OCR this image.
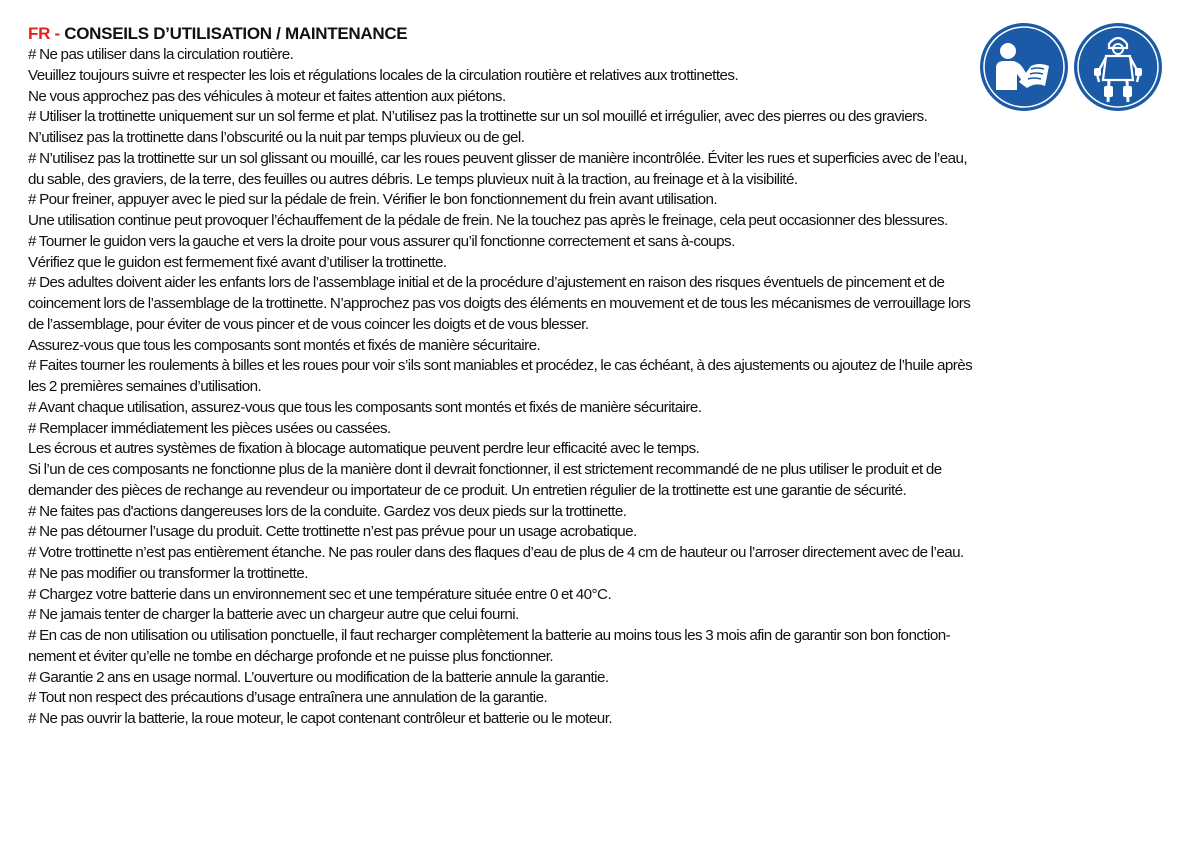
FR - CONSEILS D’UTILISATION / MAINTENANCE
# Ne pas utiliser dans la circulation routière.
Veuillez toujours suivre et respecter les lois et régulations locales de la circulation routière et relatives aux trottinettes.
Ne vous approchez pas des véhicules à moteur et faites attention aux piétons.
# Utiliser la trottinette uniquement sur un sol ferme et plat. N’utilisez pas la trottinette sur un sol mouillé et irrégulier, avec des pierres ou des graviers.
N’utilisez pas la trottinette dans l’obscurité ou la nuit par temps pluvieux ou de gel.
# N’utilisez pas la trottinette sur un sol glissant ou mouillé, car les roues peuvent glisser de manière incontrôlée. Éviter les rues et superficies avec de l’eau,
du sable, des graviers, de la terre, des feuilles ou autres débris. Le temps pluvieux nuit à la traction, au freinage et à la visibilité.
# Pour freiner, appuyer avec le pied sur la pédale de frein. Vérifier le bon fonctionnement du frein avant utilisation.
Une utilisation continue peut provoquer l’échauffement de la pédale de frein. Ne la touchez pas après le freinage, cela peut occasionner des blessures.
# Tourner le guidon vers la gauche et vers la droite pour vous assurer qu’il fonctionne correctement et sans à-coups.
Vérifiez que le guidon est fermement fixé avant d’utiliser la trottinette.
# Des adultes doivent aider les enfants lors de l’assemblage initial et de la procédure d’ajustement en raison des risques éventuels de pincement et de
coincement lors de l’assemblage de la trottinette. N’approchez pas vos doigts des éléments en mouvement et de tous les mécanismes de verrouillage lors
de l’assemblage, pour éviter de vous pincer et de vous coincer les doigts et de vous blesser.
Assurez-vous que tous les composants sont montés et fixés de manière sécuritaire.
# Faites tourner les roulements à billes et les roues pour voir s’ils sont maniables et procédez, le cas échéant, à des ajustements ou ajoutez de l’huile après
les 2 premières semaines d’utilisation.
# Avant chaque utilisation, assurez-vous que tous les composants sont montés et fixés de manière sécuritaire.
# Remplacer immédiatement les pièces usées ou cassées.
Les écrous et autres systèmes de fixation à blocage automatique peuvent perdre leur efficacité avec le temps.
Si l’un de ces composants ne fonctionne plus de la manière dont il devrait fonctionner, il est strictement recommandé de ne plus utiliser le produit et de
demander des pièces de rechange au revendeur ou importateur de ce produit. Un entretien régulier de la trottinette est une garantie de sécurité.
# Ne faites pas d'actions dangereuses lors de la conduite. Gardez vos deux pieds sur la trottinette.
# Ne pas détourner l’usage du produit. Cette trottinette n’est pas prévue pour un usage acrobatique.
# Votre trottinette n’est pas entièrement étanche. Ne pas rouler dans des flaques d’eau de plus de 4 cm de hauteur ou l’arroser directement avec de l’eau.
# Ne pas modifier ou transformer la trottinette.
# Chargez votre batterie dans un environnement sec et une température située entre 0 et 40°C.
# Ne jamais tenter de charger la batterie avec un chargeur autre que celui fourni.
# En cas de non utilisation ou utilisation ponctuelle, il faut recharger complètement la batterie au moins tous les 3 mois afin de garantir son bon fonction-
nement et éviter qu’elle ne tombe en décharge profonde et ne puisse plus fonctionner.
# Garantie 2 ans en usage normal. L’ouverture ou modification de la batterie annule la garantie.
# Tout non respect des précautions d’usage entraînera une annulation de la garantie.
# Ne pas ouvrir la batterie, la roue moteur, le capot contenant contrôleur et batterie ou le moteur.
